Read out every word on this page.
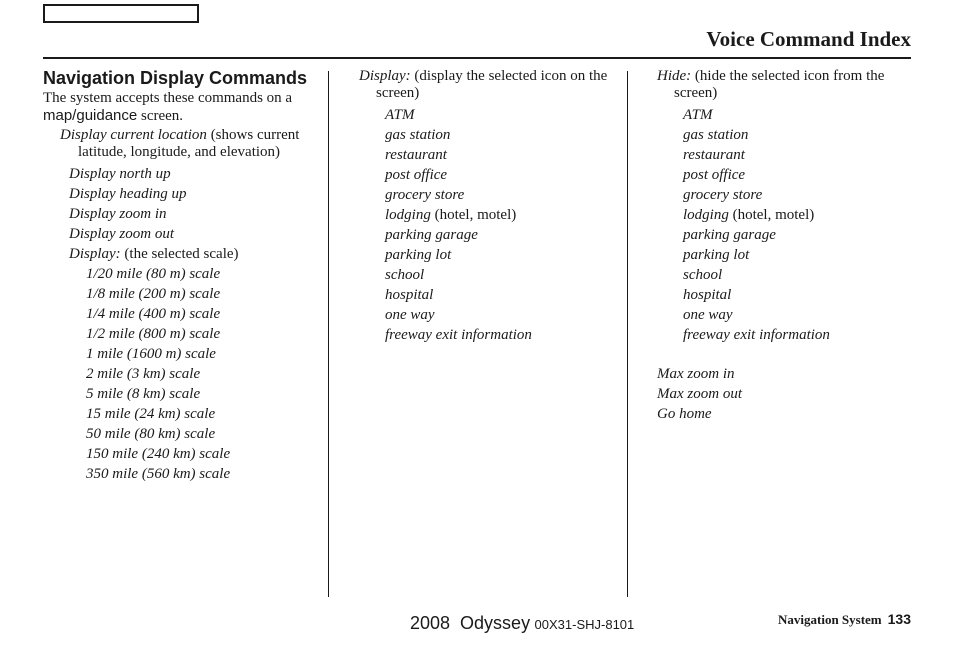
Voice Command Index
Navigation Display Commands
The system accepts these commands on a map/guidance screen.
Display current location (shows current latitude, longitude, and elevation)
Display north up
Display heading up
Display zoom in
Display zoom out
Display: (the selected scale)
1/20 mile (80 m) scale
1/8 mile (200 m) scale
1/4 mile (400 m) scale
1/2 mile (800 m) scale
1 mile (1600 m) scale
2 mile (3 km) scale
5 mile (8 km) scale
15 mile (24 km) scale
50 mile (80 km) scale
150 mile (240 km) scale
350 mile (560 km) scale
Display: (display the selected icon on the screen)
ATM
gas station
restaurant
post office
grocery store
lodging (hotel, motel)
parking garage
parking lot
school
hospital
one way
freeway exit information
Hide: (hide the selected icon from the screen)
ATM
gas station
restaurant
post office
grocery store
lodging (hotel, motel)
parking garage
parking lot
school
hospital
one way
freeway exit information
Max zoom in
Max zoom out
Go home
2008  Odyssey 00X31-SHJ-8101	Navigation System 133
